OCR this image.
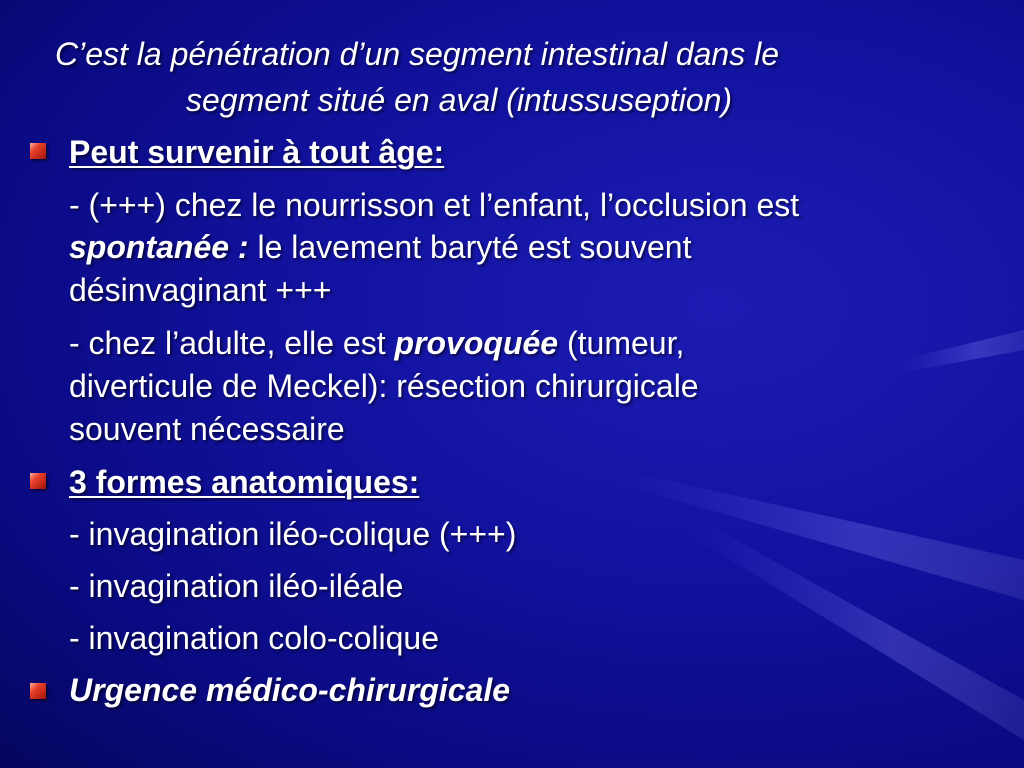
C’est la pénétration d’un segment intestinal dans le
segment situé en aval (intussuseption)
Peut survenir à tout âge:
- (+++) chez le nourrisson et l’enfant, l’occlusion est
spontanée : le lavement baryté est souvent
désinvaginant +++
- chez l’adulte, elle est provoquée (tumeur,
diverticule de Meckel): résection chirurgicale
souvent nécessaire
3 formes anatomiques:
- invagination iléo-colique (+++)
- invagination iléo-iléale
- invagination colo-colique
Urgence médico-chirurgicale
